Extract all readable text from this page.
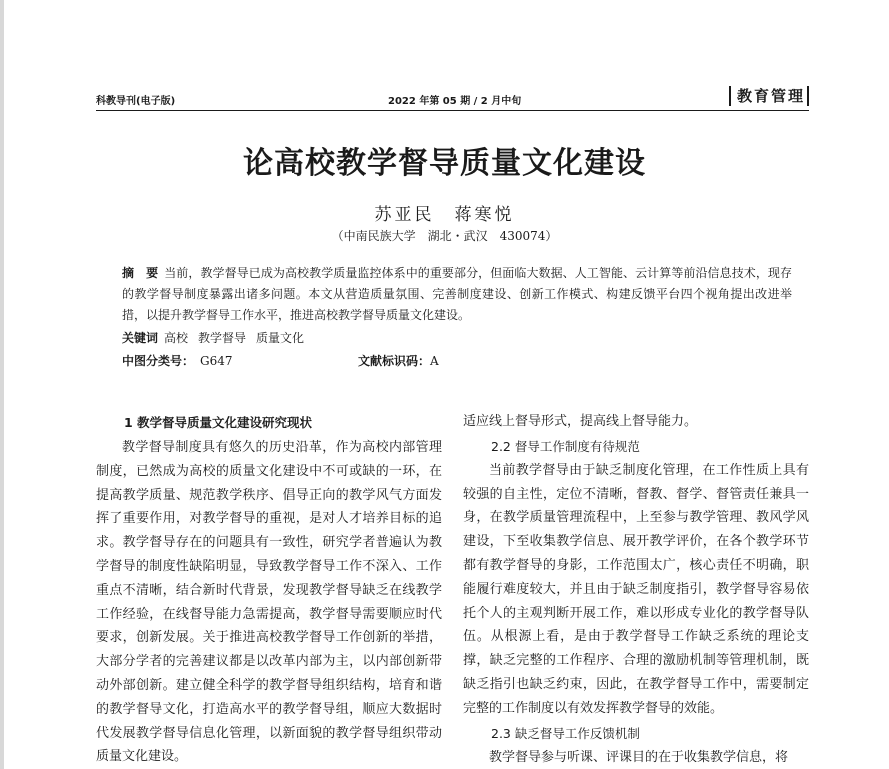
科教导刊(电子版)	2022 年第 05 期 / 2 月中旬	教育管理
论高校教学督导质量文化建设

苏亚民　蒋寒悦

（中南民族大学　湖北・武汉　430074）

摘　要 当前，教学督导已成为高校教学质量监控体系中的重要部分，但面临大数据、人工智能、云计算等前沿信息技术，现存的教学督导制度暴露出诸多问题。本文从营造质量氛围、完善制度建设、创新工作模式、构建反馈平台四个视角提出改进举措，以提升教学督导工作水平，推进高校教学督导质量文化建设。

关键词 高校 教学督导 质量文化

中图分类号： G647	文献标识码：A

1 教学督导质量文化建设研究现状

教学督导制度具有悠久的历史沿革，作为高校内部管理制度，已然成为高校的质量文化建设中不可或缺的一环，在提高教学质量、规范教学秩序、倡导正向的教学风气方面发挥了重要作用，对教学督导的重视，是对人才培养目标的追求。教学督导存在的问题具有一致性，研究学者普遍认为教学督导的制度性缺陷明显，导致教学督导工作不深入、工作重点不清晰，结合新时代背景，发现教学督导缺乏在线教学工作经验，在线督导能力急需提高，教学督导需要顺应时代要求，创新发展。关于推进高校教学督导工作创新的举措，大部分学者的完善建议都是以改革内部为主，以内部创新带动外部创新。建立健全科学的教学督导组织结构，培育和谐的教学督导文化，打造高水平的教学督导组，顺应大数据时代发展教学督导信息化管理，以新面貌的教学督导组织带动质量文化建设。

适应线上督导形式，提高线上督导能力。

2.2 督导工作制度有待规范

当前教学督导由于缺乏制度化管理，在工作性质上具有较强的自主性，定位不清晰，督教、督学、督管责任兼具一身，在教学质量管理流程中，上至参与教学管理、教风学风建设，下至收集教学信息、展开教学评价，在各个教学环节都有教学督导的身影，工作范围太广，核心责任不明确，职能履行难度较大，并且由于缺乏制度指引，教学督导容易依托个人的主观判断开展工作，难以形成专业化的教学督导队伍。从根源上看，是由于教学督导工作缺乏系统的理论支撑，缺乏完整的工作程序、合理的激励机制等管理机制，既缺乏指引也缺乏约束，因此，在教学督导工作中，需要制定完整的工作制度以有效发挥教学督导的效能。

2.3 缺乏督导工作反馈机制

教学督导参与听课、评课目的在于收集教学信息，将
